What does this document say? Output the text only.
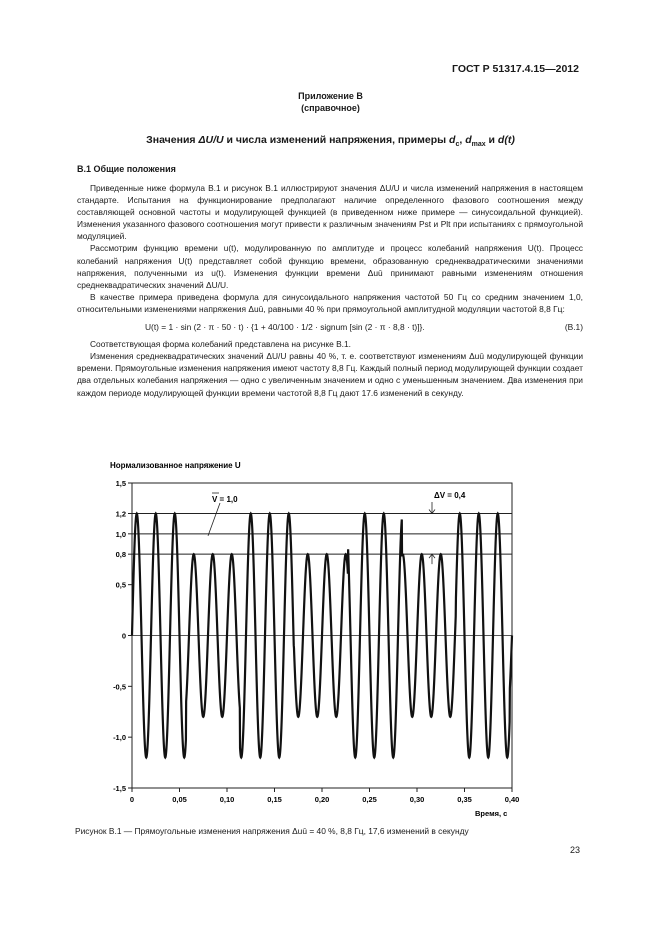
ГОСТ Р 51317.4.15—2012
Приложение В
(справочное)
Значения ΔU/U и числа изменений напряжения, примеры $d_c$, $d_{max}$ и d(t)
В.1 Общие положения

Приведенные ниже формула В.1 и рисунок В.1 иллюстрируют значения ΔU/U и числа изменений напряжения в настоящем стандарте. Испытания на функционирование предполагают наличие определенного фазового соотношения между составляющей основной частоты и модулирующей функцией (в приведенном ниже примере — синусоидальной функцией). Изменения указанного фазового соотношения могут привести к различным значениям Pst и Plt при испытаниях с прямоугольной модуляцией.

Рассмотрим функцию времени u(t), модулированную по амплитуде и процесс колебаний напряжения U(t). Процесс колебаний напряжения U(t) представляет собой функцию времени, образованную среднеквадратическими значениями напряжения, полученными из u(t). Изменения функции времени Δuū принимают равными изменениям отношения среднеквадратических значений ΔU/U.

В качестве примера приведена формула для синусоидального напряжения частотой 50 Гц со средним значением 1,0, относительными изменениями напряжения Δuū, равными 40 % при прямоугольной амплитудной модуляции частотой 8,8 Гц:

U(t) = 1 · sin (2 · π · 50 · t) · {1 + 40/100 · 1/2 · signum [sin (2 · π · 8,8 · t)]}.	(В.1)

Соответствующая форма колебаний представлена на рисунке В.1.

Изменения среднеквадратических значений ΔU/U равны 40 %, т. е. соответствуют изменениям Δuū модулирующей функции времени. Прямоугольные изменения напряжения имеют частоту 8,8 Гц. Каждый полный период модулирующей функции создает два отдельных колебания напряжения — одно с увеличенным значением и одно с уменьшенным значением. Два изменения при каждом периоде модулирующей функции времени частотой 8,8 Гц дают 17.6 изменений в секунду.

Нормализованное напряжение U
Время, с
1,5
1,2
1,0
0,8
0,5
0
-0,5
-1,0
-1,5
0	0,05	0,10	0,15	0,20	0,25	0,30	0,35	0,40
V = 1,0	ΔV = 0,4
Рисунок В.1 — Прямоугольные изменения напряжения Δuū = 40 %, 8,8 Гц, 17,6 изменений в секунду
23
